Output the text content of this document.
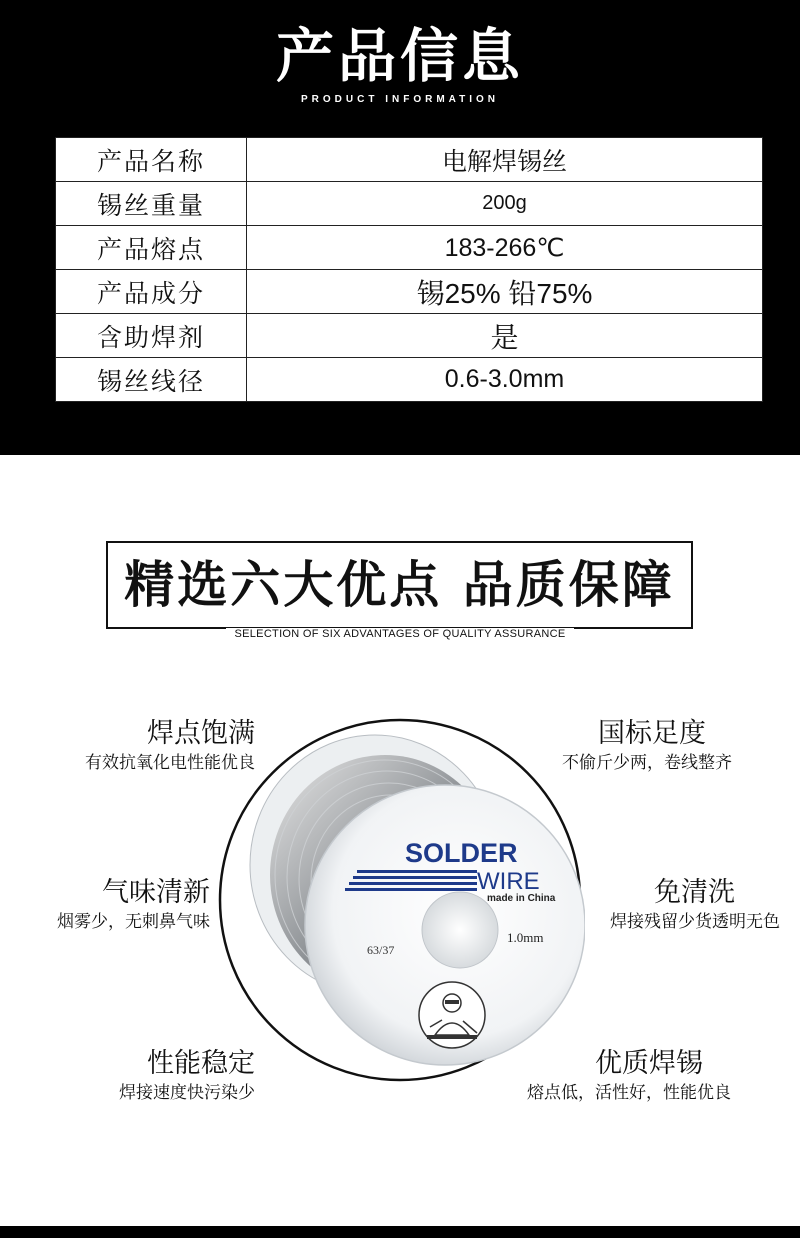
产品信息
PRODUCT INFORMATION
产品名称	电解焊锡丝
锡丝重量	200g
产品熔点	183-266℃
产品成分	锡25% 铅75%
含助焊剂	是
锡丝线径	0.6-3.0mm
精选六大优点 品质保障
SELECTION OF SIX ADVANTAGES OF QUALITY ASSURANCE
焊点饱满
有效抗氧化电性能优良
国标足度
不偷斤少两，卷线整齐
气味清新
烟雾少，无刺鼻气味
免清洗
焊接残留少货透明无色
性能稳定
焊接速度快污染少
优质焊锡
熔点低，活性好，性能优良
SOLDER
WIRE
made in China
63/37
1.0mm
